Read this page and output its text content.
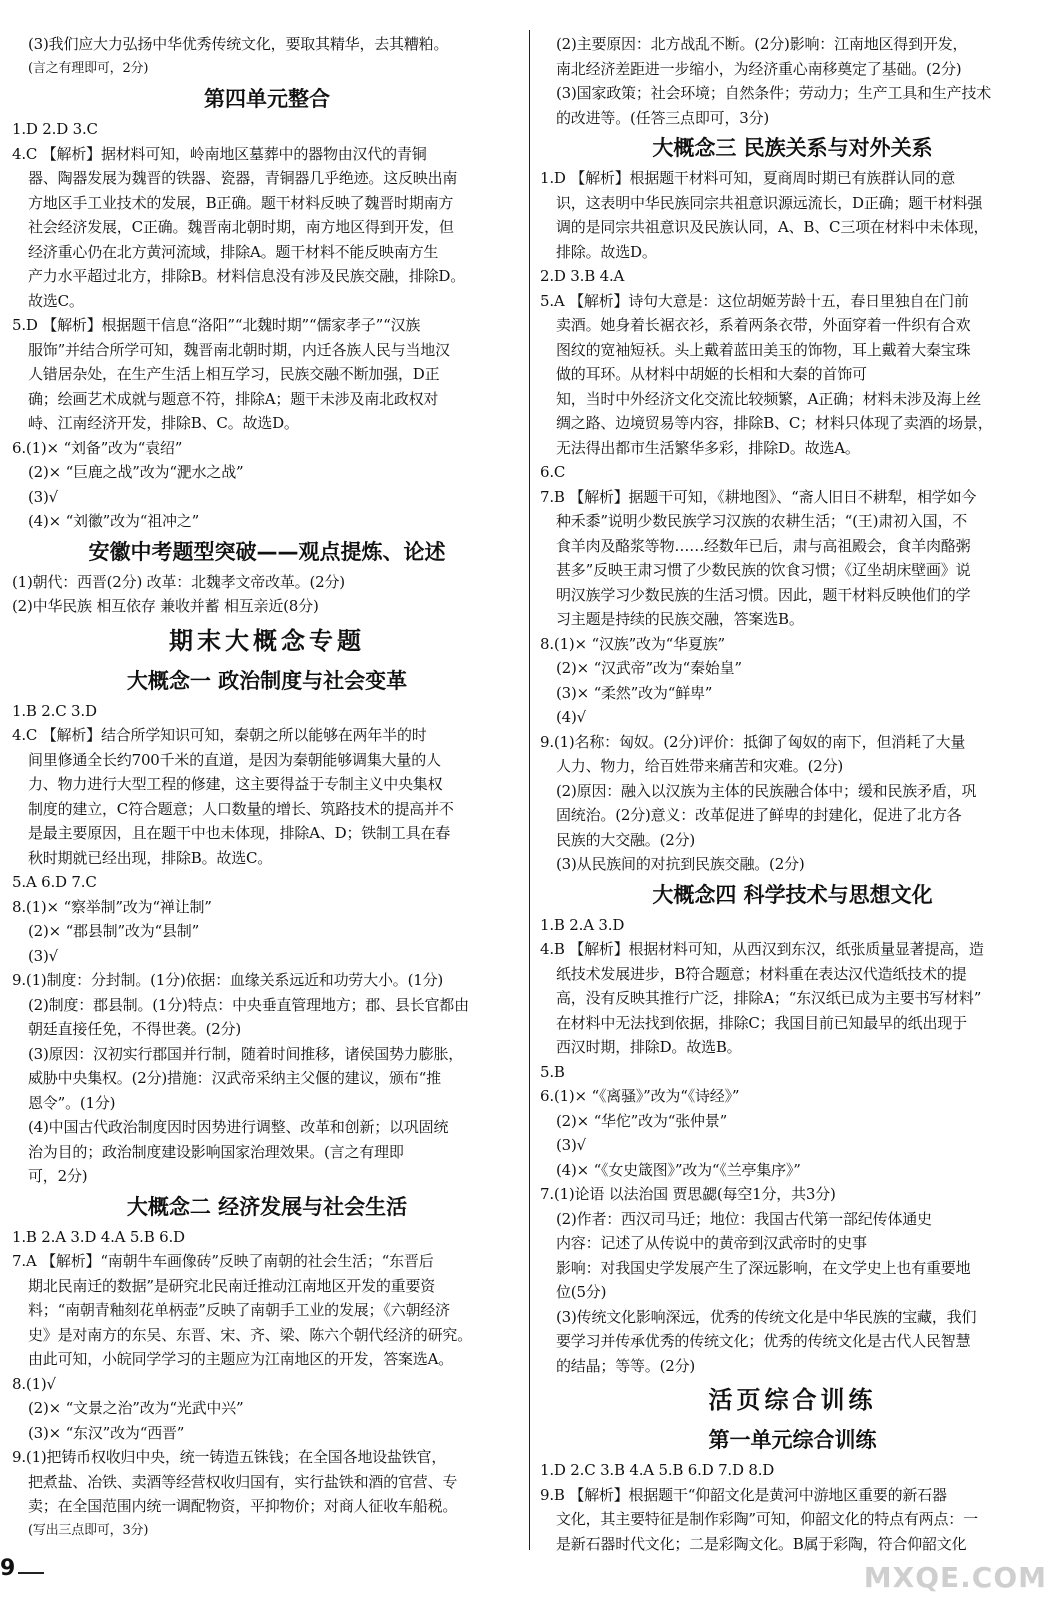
(3)我们应大力弘扬中华优秀传统文化，要取其精华，去其糟粕。
(言之有理即可，2分)
第四单元整合
1.D 2.D 3.C
4.C 【解析】据材料可知，岭南地区墓葬中的器物由汉代的青铜
器、陶器发展为魏晋的铁器、瓷器，青铜器几乎绝迹。这反映出南
方地区手工业技术的发展，B正确。题干材料反映了魏晋时期南方
社会经济发展，C正确。魏晋南北朝时期，南方地区得到开发，但
经济重心仍在北方黄河流域，排除A。题干材料不能反映南方生
产力水平超过北方，排除B。材料信息没有涉及民族交融，排除D。
故选C。
5.D 【解析】根据题干信息“洛阳”“北魏时期”“儒家孝子”“汉族
服饰”并结合所学可知，魏晋南北朝时期，内迁各族人民与当地汉
人错居杂处，在生产生活上相互学习，民族交融不断加强，D正
确；绘画艺术成就与题意不符，排除A；题干未涉及南北政权对
峙、江南经济开发，排除B、C。故选D。
6.(1)× “刘备”改为“袁绍”
(2)× “巨鹿之战”改为“淝水之战”
(3)√
(4)× “刘徽”改为“祖冲之”
安徽中考题型突破——观点提炼、论述
(1)朝代：西晋(2分) 改革：北魏孝文帝改革。(2分)
(2)中华民族 相互依存 兼收并蓄 相互亲近(8分)
期末大概念专题
大概念一 政治制度与社会变革
1.B 2.C 3.D
4.C 【解析】结合所学知识可知，秦朝之所以能够在两年半的时
间里修通全长约700千米的直道，是因为秦朝能够调集大量的人
力、物力进行大型工程的修建，这主要得益于专制主义中央集权
制度的建立，C符合题意；人口数量的增长、筑路技术的提高并不
是最主要原因，且在题干中也未体现，排除A、D；铁制工具在春
秋时期就已经出现，排除B。故选C。
5.A 6.D 7.C
8.(1)× “察举制”改为“禅让制”
(2)× “郡县制”改为“县制”
(3)√
9.(1)制度：分封制。(1分)依据：血缘关系远近和功劳大小。(1分)
(2)制度：郡县制。(1分)特点：中央垂直管理地方；郡、县长官都由
朝廷直接任免，不得世袭。(2分)
(3)原因：汉初实行郡国并行制，随着时间推移，诸侯国势力膨胀，
威胁中央集权。(2分)措施：汉武帝采纳主父偃的建议，颁布“推
恩令”。(1分)
(4)中国古代政治制度因时因势进行调整、改革和创新；以巩固统
治为目的；政治制度建设影响国家治理效果。(言之有理即
可，2分)
大概念二 经济发展与社会生活
1.B 2.A 3.D 4.A 5.B 6.D
7.A 【解析】“南朝牛车画像砖”反映了南朝的社会生活；“东晋后
期北民南迁的数据”是研究北民南迁推动江南地区开发的重要资
料；“南朝青釉刻花单柄壶”反映了南朝手工业的发展；《六朝经济
史》是对南方的东吴、东晋、宋、齐、梁、陈六个朝代经济的研究。
由此可知，小皖同学学习的主题应为江南地区的开发，答案选A。
8.(1)√
(2)× “文景之治”改为“光武中兴”
(3)× “东汉”改为“西晋”
9.(1)把铸币权收归中央，统一铸造五铢钱；在全国各地设盐铁官，
把煮盐、冶铁、卖酒等经营权收归国有，实行盐铁和酒的官营、专
卖；在全国范围内统一调配物资，平抑物价；对商人征收车船税。
(写出三点即可，3分)
(2)主要原因：北方战乱不断。(2分)影响：江南地区得到开发，
南北经济差距进一步缩小，为经济重心南移奠定了基础。(2分)
(3)国家政策；社会环境；自然条件；劳动力；生产工具和生产技术
的改进等。(任答三点即可，3分)
大概念三 民族关系与对外关系
1.D 【解析】根据题干材料可知，夏商周时期已有族群认同的意
识，这表明中华民族同宗共祖意识源远流长，D正确；题干材料强
调的是同宗共祖意识及民族认同，A、B、C三项在材料中未体现，
排除。故选D。
2.D 3.B 4.A
5.A 【解析】诗句大意是：这位胡姬芳龄十五，春日里独自在门前
卖酒。她身着长裾衣衫，系着两条衣带，外面穿着一件织有合欢
图纹的宽袖短袄。头上戴着蓝田美玉的饰物，耳上戴着大秦宝珠
做的耳环。从材料中胡姬的长相和大秦的首饰可
知，当时中外经济文化交流比较频繁，A正确；材料未涉及海上丝
绸之路、边境贸易等内容，排除B、C；材料只体现了卖酒的场景，
无法得出都市生活繁华多彩，排除D。故选A。
6.C
7.B 【解析】据题干可知，《耕地图》、“斋人旧日不耕犁，相学如今
种禾黍”说明少数民族学习汉族的农耕生活；“(王)肃初入国，不
食羊肉及酪浆等物……经数年已后，肃与高祖殿会，食羊肉酪粥
甚多”反映王肃习惯了少数民族的饮食习惯；《辽坐胡床壁画》说
明汉族学习少数民族的生活习惯。因此，题干材料反映他们的学
习主题是持续的民族交融，答案选B。
8.(1)× “汉族”改为“华夏族”
(2)× “汉武帝”改为“秦始皇”
(3)× “柔然”改为“鲜卑”
(4)√
9.(1)名称：匈奴。(2分)评价：抵御了匈奴的南下，但消耗了大量
人力、物力，给百姓带来痛苦和灾难。(2分)
(2)原因：融入以汉族为主体的民族融合体中；缓和民族矛盾，巩
固统治。(2分)意义：改革促进了鲜卑的封建化，促进了北方各
民族的大交融。(2分)
(3)从民族间的对抗到民族交融。(2分)
大概念四 科学技术与思想文化
1.B 2.A 3.D
4.B 【解析】根据材料可知，从西汉到东汉，纸张质量显著提高，造
纸技术发展进步，B符合题意；材料重在表达汉代造纸技术的提
高，没有反映其推行广泛，排除A；“东汉纸已成为主要书写材料”
在材料中无法找到依据，排除C；我国目前已知最早的纸出现于
西汉时期，排除D。故选B。
5.B
6.(1)× “《离骚》”改为“《诗经》”
(2)× “华佗”改为“张仲景”
(3)√
(4)× “《女史箴图》”改为“《兰亭集序》”
7.(1)论语 以法治国 贾思勰(每空1分，共3分)
(2)作者：西汉司马迁；地位：我国古代第一部纪传体通史
内容：记述了从传说中的黄帝到汉武帝时的史事
影响：对我国史学发展产生了深远影响，在文学史上也有重要地
位(5分)
(3)传统文化影响深远，优秀的传统文化是中华民族的宝藏，我们
要学习并传承优秀的传统文化；优秀的传统文化是古代人民智慧
的结晶；等等。(2分)
活页综合训练
第一单元综合训练
1.D 2.C 3.B 4.A 5.B 6.D 7.D 8.D
9.B 【解析】根据题干“仰韶文化是黄河中游地区重要的新石器
文化，其主要特征是制作彩陶”可知，仰韶文化的特点有两点：一
是新石器时代文化；二是彩陶文化。B属于彩陶，符合仰韶文化
9	MXQE.COM
